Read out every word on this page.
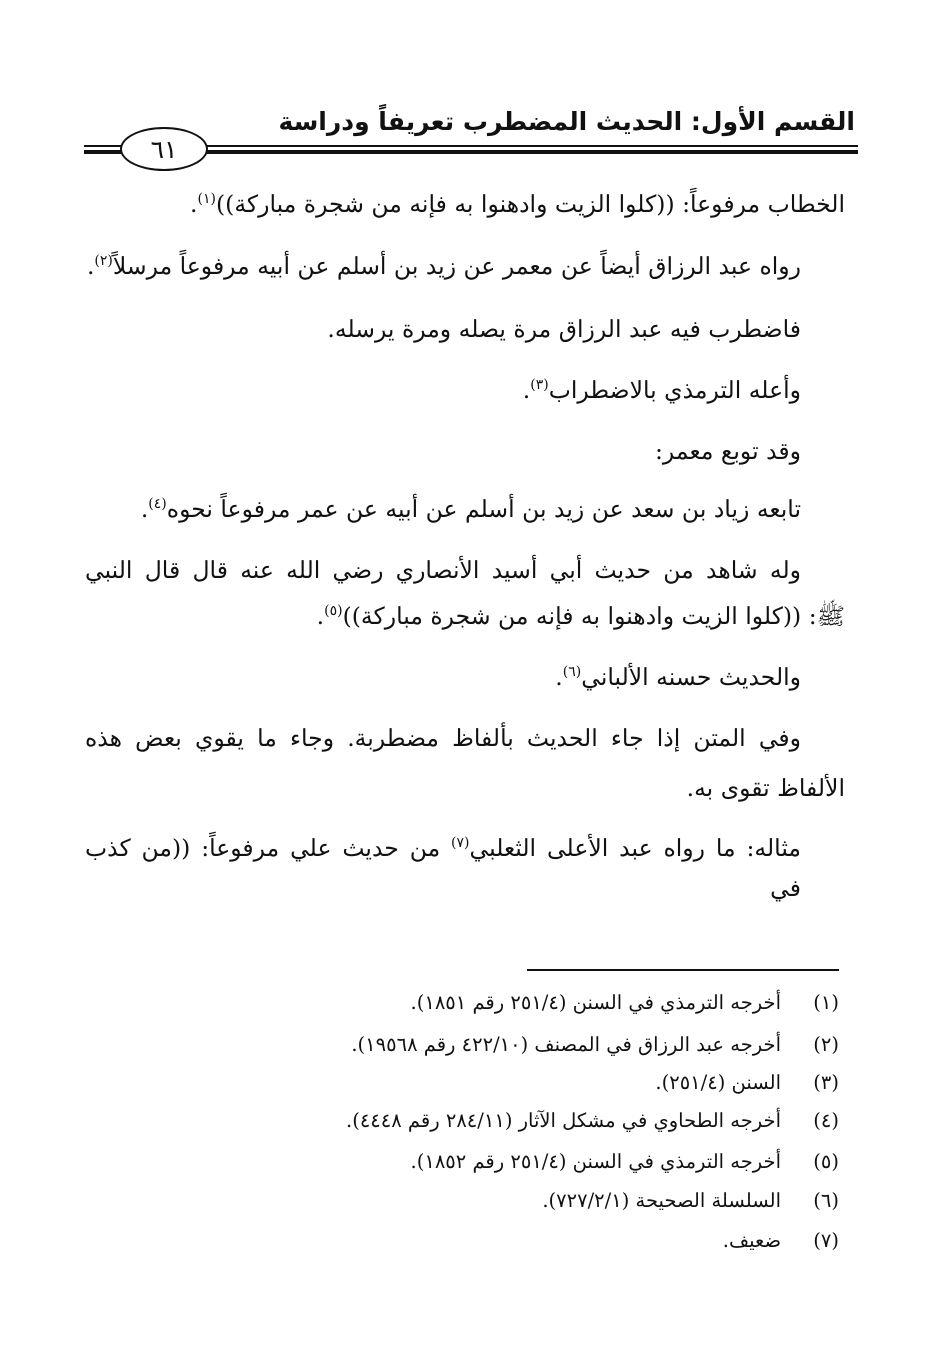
القسم الأول: الحديث المضطرب تعريفاً ودراسة
٦١
الخطاب مرفوعاً: ((كلوا الزيت وادهنوا به فإنه من شجرة مباركة))$^{(١)}$.
رواه عبد الرزاق أيضاً عن معمر عن زيد بن أسلم عن أبيه مرفوعاً مرسلاً$^{(٢)}$.
فاضطرب فيه عبد الرزاق مرة يصله ومرة يرسله.
وأعله الترمذي بالاضطراب$^{(٣)}$.
وقد توبع معمر:
تابعه زياد بن سعد عن زيد بن أسلم عن أبيه عن عمر مرفوعاً نحوه$^{(٤)}$.
وله شاهد من حديث أبي أسيد الأنصاري رضي الله عنه قال قال النبي
ﷺ: ((كلوا الزيت وادهنوا به فإنه من شجرة مباركة))$^{(٥)}$.
والحديث حسنه الألباني$^{(٦)}$.
وفي المتن إذا جاء الحديث بألفاظ مضطربة. وجاء ما يقوي بعض هذه
الألفاظ تقوى به.
مثاله: ما رواه عبد الأعلى الثعلبي$^{(٧)}$ من حديث علي مرفوعاً: ((من كذب في
(١)
أخرجه الترمذي في السنن (٢٥١/٤ رقم ١٨٥١).
(٢)
أخرجه عبد الرزاق في المصنف (٤٢٢/١٠ رقم ١٩٥٦٨).
(٣)
السنن (٢٥١/٤).
(٤)
أخرجه الطحاوي في مشكل الآثار (٢٨٤/١١ رقم ٤٤٤٨).
(٥)
أخرجه الترمذي في السنن (٢٥١/٤ رقم ١٨٥٢).
(٦)
السلسلة الصحيحة (٧٢٧/٢/١).
(٧)
ضعيف.
